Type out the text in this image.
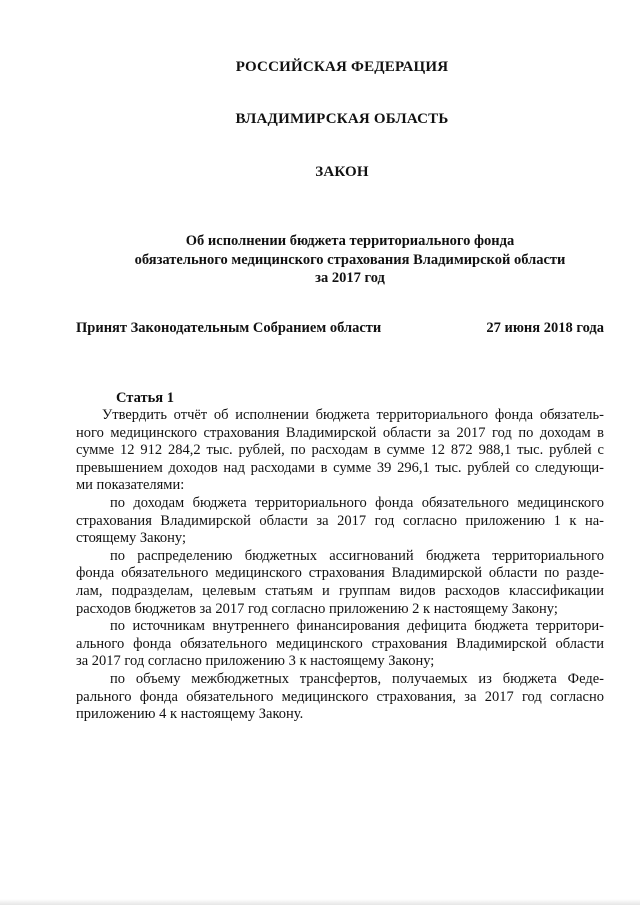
РОССИЙСКАЯ ФЕДЕРАЦИЯ
ВЛАДИМИРСКАЯ ОБЛАСТЬ
ЗАКОН
Об исполнении бюджета территориального фонда
обязательного медицинского страхования Владимирской области
за 2017 год
Принят Законодательным Собранием области	27 июня 2018 года
Статья 1
Утвердить отчёт об исполнении бюджета территориального фонда обязатель-
ного медицинского страхования Владимирской области за 2017 год по доходам в
сумме 12 912 284,2 тыс. рублей, по расходам в сумме 12 872 988,1 тыс. рублей с
превышением доходов над расходами в сумме 39 296,1 тыс. рублей со следующи-
ми показателями:
по доходам бюджета территориального фонда обязательного медицинского
страхования Владимирской области за 2017 год согласно приложению 1 к на-
стоящему Закону;
по распределению бюджетных ассигнований бюджета территориального
фонда обязательного медицинского страхования Владимирской области по разде-
лам, подразделам, целевым статьям и группам видов расходов классификации
расходов бюджетов за 2017 год согласно приложению 2 к настоящему Закону;
по источникам внутреннего финансирования дефицита бюджета территори-
ального фонда обязательного медицинского страхования Владимирской области
за 2017 год согласно приложению 3 к настоящему Закону;
по объему межбюджетных трансфертов, получаемых из бюджета Федe-
рального фонда обязательного медицинского страхования, за 2017 год согласно
приложению 4 к настоящему Закону.
